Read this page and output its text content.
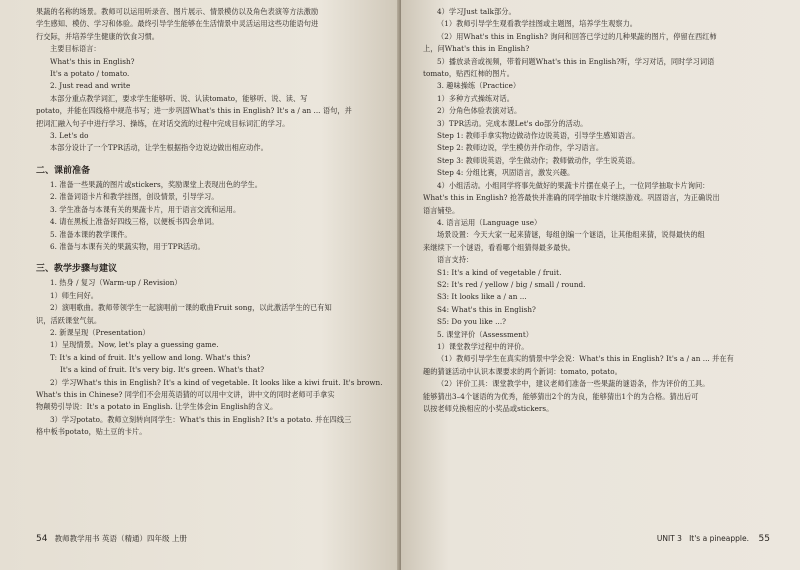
果蔬的名称的场景。教师可以运用听录音、图片展示、情景模仿以及角色表演等方法激励

学生感知、模仿、学习和体验。最终引导学生能够在生活情景中灵活运用这些功能语句进

行交际，并培养学生健康的饮食习惯。

主要目标语言：

What's this in English?

It's a potato / tomato.

2. Just read and write

本部分重点教学词汇，要求学生能够听、说、认读tomato，能够听、说、读、写

potato，并能在四线格中规范书写；进一步巩固What's this in English? It's a / an ... 语句，并

把词汇融入句子中进行学习、操练，在对话交流的过程中完成目标词汇的学习。

3. Let's do

本部分设计了一个TPR活动，让学生根据指令边说边做出相应动作。

二、课前准备

1. 准备一些果蔬的图片或stickers，奖励课堂上表现出色的学生。

2. 准备词语卡片和教学挂图，创设情景，引导学习。

3. 学生准备与本课有关的果蔬卡片，用于语言交流和运用。

4. 请在黑板上准备好四线三格，以便板书四会单词。

5. 准备本课的教学课件。

6. 准备与本课有关的果蔬实物，用于TPR活动。

三、教学步骤与建议

1. 热身 / 复习（Warm-up / Revision）

1）师生问好。

2）演唱歌曲。教师带领学生一起演唱前一课的歌曲Fruit song，以此激活学生的已有知

识，活跃课堂气氛。

2. 新课呈现（Presentation）

1）呈现情景。Now, let's play a guessing game.

T: It's a kind of fruit. It's yellow and long. What's this?

It's a kind of fruit. It's very big. It's green. What's that?

2）学习What's this in English? It's a kind of vegetable. It looks like a kiwi fruit. It's brown.

What's this in Chinese? 同学们不会用英语猜的可以用中文讲，讲中文的同时老师可手拿实

物颠势引导说：It's a potato in English. 让学生体会in English的含义。

3）学习potato。教师立刻转向同学生：What's this in English? It's a potato. 并在四线三

格中板书potato，贴土豆的卡片。

54 教师教学用书 英语（精通）四年级 上册

4）学习Just talk部分。

（1）教师引导学生观看教学挂图或主题图，培养学生观察力。

（2）用What's this in English? 询问和回答已学过的几种果蔬的图片，停留在西红柿

上，问What's this in English?

5）播放录音或视频，带着问题What's this in English?听，学习对话，同时学习词语

tomato，贴西红柿的图片。

3. 趣味操练（Practice）

1）多种方式操练对话。

2）分角色体验表演对话。

3）TPR活动。完成本课Let's do部分的活动。

Step 1: 教师手拿实物边做动作边说英语，引导学生感知语言。

Step 2: 教师边说，学生模仿并作动作，学习语言。

Step 3: 教师说英语，学生做动作；教师做动作，学生说英语。

Step 4: 分组比赛，巩固语言，激发兴趣。

4）小组活动。小组同学将事先做好的果蔬卡片摆在桌子上，一位同学抽取卡片询问：

What's this in English? 抢答最快并准确的同学抽取卡片继续游戏。巩固语言，为正确说出

语言铺垫。

4. 语言运用（Language use）

场景设置：今天大家一起来猜谜，每组创编一个谜语，让其他组来猜，说得最快的组

来继续下一个谜语，看看哪个组猜得最多最快。

语言支持：

S1: It's a kind of vegetable / fruit.

S2: It's red / yellow / big / small / round.

S3: It looks like a / an ...

S4: What's this in English?

S5: Do you like ...?

5. 课堂评价（Assessment）

1）课堂教学过程中的评价。

（1）教师引导学生在真实的情景中学会说：What's this in English? It's a / an ... 并在有

趣的猜谜活动中认识本课要求的两个新词：tomato, potato。

（2）评价工具：课堂教学中，建议老师们准备一些果蔬的谜语条，作为评价的工具。

能够猜出3–4个谜语的为优秀，能够猜出2个的为良，能够猜出1个的为合格。猜出后可

以按老师兑换相应的小奖品或stickers。

UNIT 3 It's a pineapple. 55
